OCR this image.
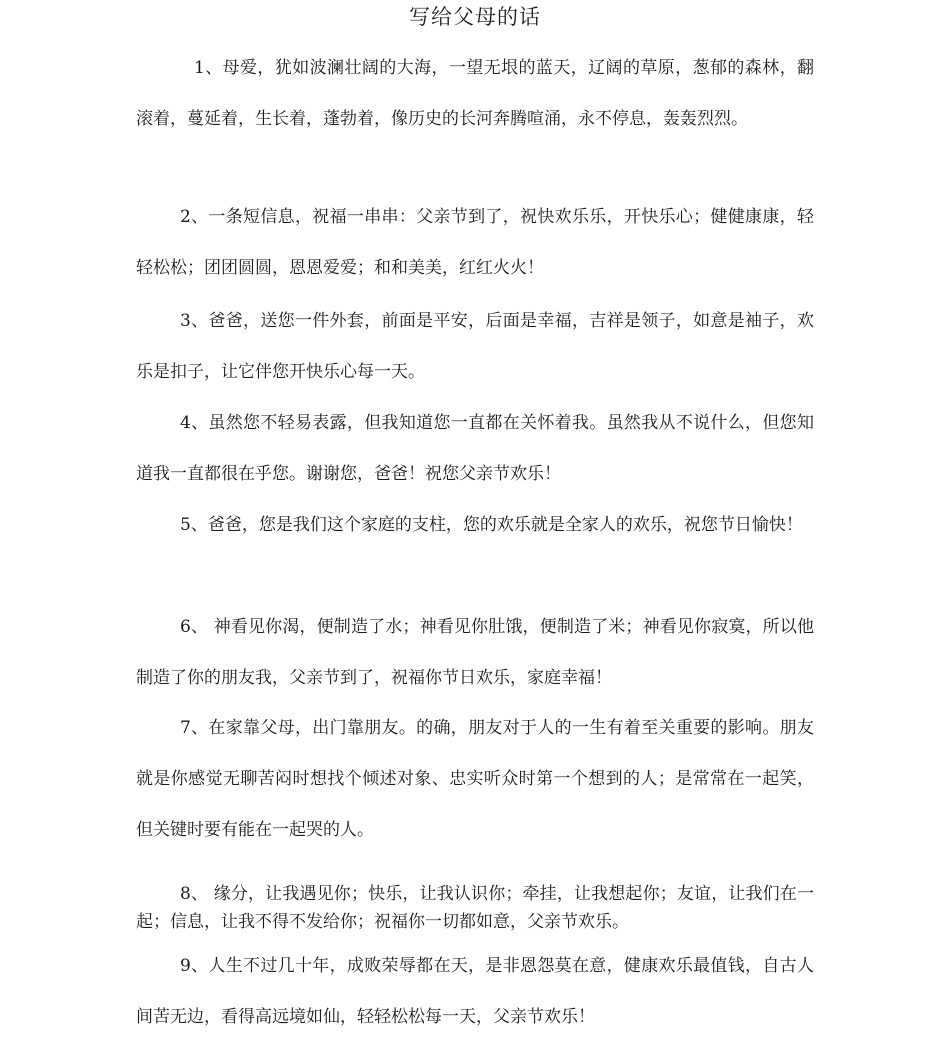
写给父母的话
1、母爱，犹如波澜壮阔的大海，一望无垠的蓝天，辽阔的草原，葱郁的森林，翻滚着，蔓延着，生长着，蓬勃着，像历史的长河奔腾喧涌，永不停息，轰轰烈烈。
2、一条短信息，祝福一串串：父亲节到了，祝快欢乐乐，开快乐心；健健康康，轻轻松松；团团圆圆，恩恩爱爱；和和美美，红红火火！
3、爸爸，送您一件外套，前面是平安，后面是幸福，吉祥是领子，如意是袖子，欢乐是扣子，让它伴您开快乐心每一天。
4、虽然您不轻易表露，但我知道您一直都在关怀着我。虽然我从不说什么，但您知道我一直都很在乎您。谢谢您，爸爸！祝您父亲节欢乐！
5、爸爸，您是我们这个家庭的支柱，您的欢乐就是全家人的欢乐，祝您节日愉快！
6、 神看见你渴，便制造了水；神看见你肚饿，便制造了米；神看见你寂寞，所以他制造了你的朋友我，父亲节到了，祝福你节日欢乐，家庭幸福！
7、在家靠父母，出门靠朋友。的确，朋友对于人的一生有着至关重要的影响。朋友就是你感觉无聊苦闷时想找个倾述对象、忠实听众时第一个想到的人；是常常在一起笑，但关键时要有能在一起哭的人。
8、 缘分，让我遇见你；快乐，让我认识你；牵挂，让我想起你；友谊，让我们在一起；信息，让我不得不发给你；祝福你一切都如意，父亲节欢乐。
9、人生不过几十年，成败荣辱都在天，是非恩怨莫在意，健康欢乐最值钱，自古人间苦无边，看得高远境如仙，轻轻松松每一天，父亲节欢乐！
